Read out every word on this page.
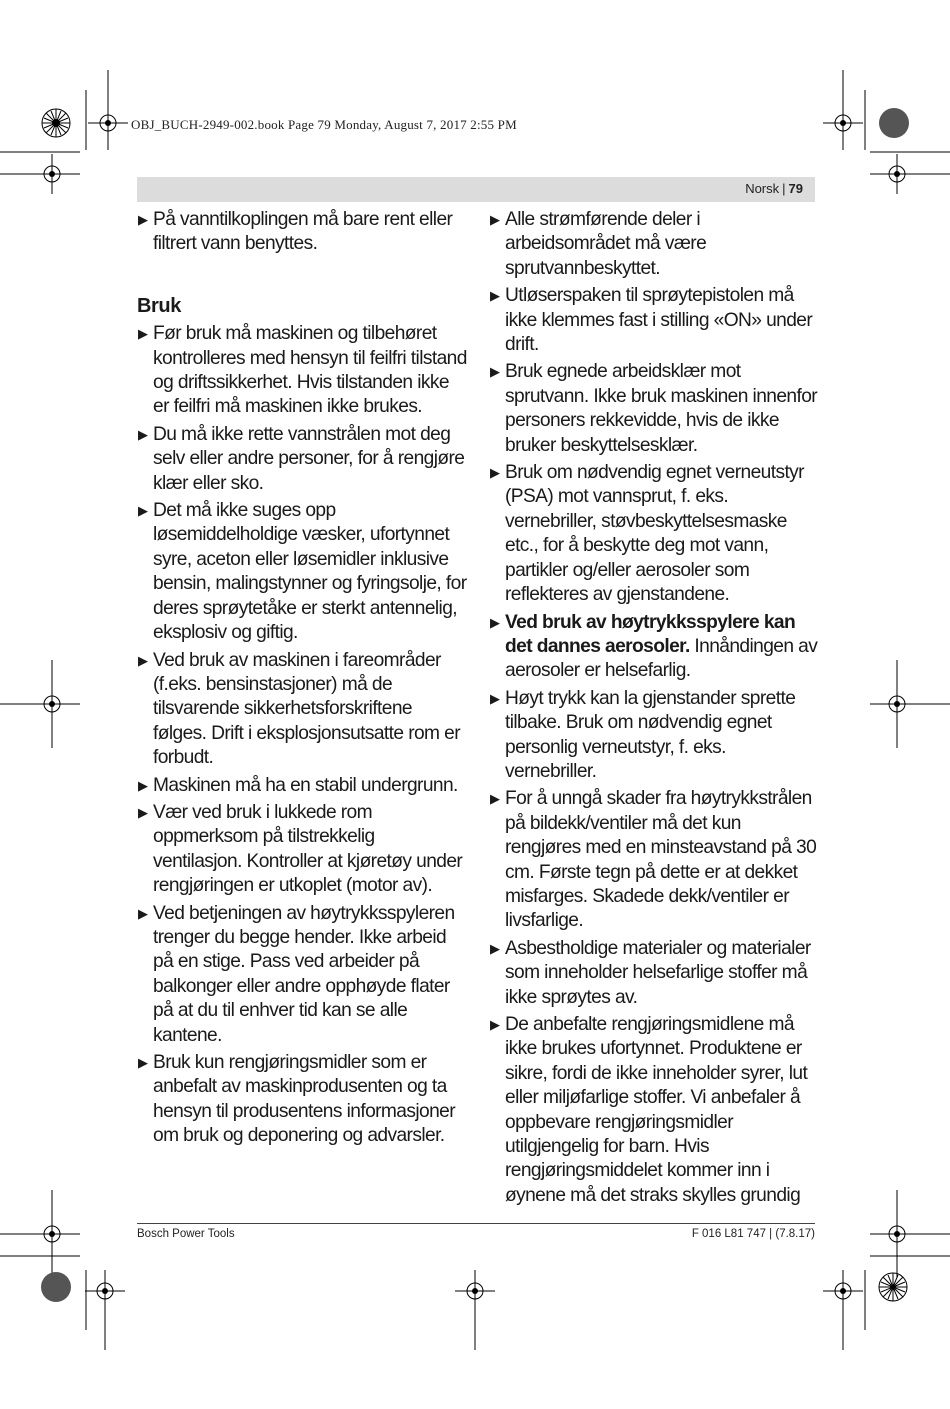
OBJ_BUCH-2949-002.book Page 79 Monday, August 7, 2017 2:55 PM
Norsk | 79
▶ På vanntilkoplingen må bare rent eller filtrert vann benyttes.
Bruk
▶ Før bruk må maskinen og tilbehøret kontrolleres med hensyn til feilfri tilstand og driftssikkerhet. Hvis tilstanden ikke er feilfri må maskinen ikke brukes.
▶ Du må ikke rette vannstrålen mot deg selv eller andre personer, for å rengjøre klær eller sko.
▶ Det må ikke suges opp løsemiddelholdige væsker, ufortynnet syre, aceton eller løsemidler inklusive bensin, malingstynner og fyringsolje, for deres sprøytetåke er sterkt antennelig, eksplosiv og giftig.
▶ Ved bruk av maskinen i fareområder (f.eks. bensinstasjoner) må de tilsvarende sikkerhetsforskriftene følges. Drift i eksplosjonsutsatte rom er forbudt.
▶ Maskinen må ha en stabil undergrunn.
▶ Vær ved bruk i lukkede rom oppmerksom på tilstrekkelig ventilasjon. Kontroller at kjøretøy under rengjøringen er utkoplet (motor av).
▶ Ved betjeningen av høytrykksspyleren trenger du begge hender. Ikke arbeid på en stige. Pass ved arbeider på balkonger eller andre opphøyde flater på at du til enhver tid kan se alle kantene.
▶ Bruk kun rengjøringsmidler som er anbefalt av maskinprodusenten og ta hensyn til produsentens informasjoner om bruk og deponering og advarsler.
▶ Alle strømførende deler i arbeidsområdet må være sprutvannbeskyttet.
▶ Utløserspaken til sprøytepistolen må ikke klemmes fast i stilling «ON» under drift.
▶ Bruk egnede arbeidsklær mot sprutvann. Ikke bruk maskinen innenfor personers rekkevidde, hvis de ikke bruker beskyttelsesklær.
▶ Bruk om nødvendig egnet verneutstyr (PSA) mot vannsprut, f. eks. vernebriller, støvbeskyttelsesmaske etc., for å beskytte deg mot vann, partikler og/eller aerosoler som reflekteres av gjenstandene.
▶ Ved bruk av høytrykksspylere kan det dannes aerosoler. Innåndingen av aerosoler er helsefarlig.
▶ Høyt trykk kan la gjenstander sprette tilbake. Bruk om nødvendig egnet personlig verneutstyr, f. eks. vernebriller.
▶ For å unngå skader fra høytrykkstrålen på bildekk/ventiler må det kun rengjøres med en minsteavstand på 30 cm. Første tegn på dette er at dekket misfarges. Skadede dekk/ventiler er livsfarlige.
▶ Asbestholdige materialer og materialer som inneholder helsefarlige stoffer må ikke sprøytes av.
▶ De anbefalte rengjøringsmidlene må ikke brukes ufortynnet. Produktene er sikre, fordi de ikke inneholder syrer, lut eller miljøfarlige stoffer. Vi anbefaler å oppbevare rengjøringsmidler utilgjengelig for barn. Hvis rengjøringsmiddelet kommer inn i øynene må det straks skylles grundig
Bosch Power Tools	F 016 L81 747 | (7.8.17)
